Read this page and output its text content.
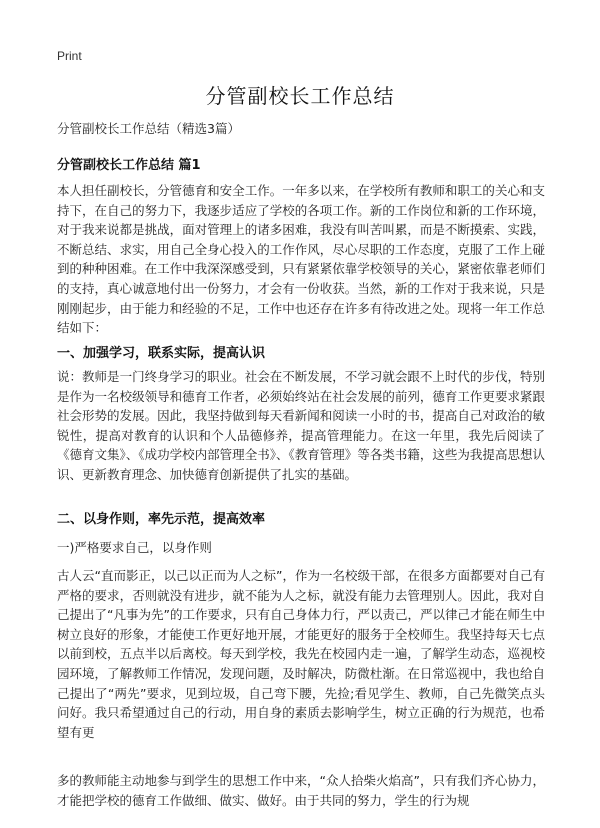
Print
分管副校长工作总结

分管副校长工作总结（精选3篇）

分管副校长工作总结 篇1

本人担任副校长，分管德育和安全工作。一年多以来，在学校所有教师和职工的关心和支持下，在自己的努力下，我逐步适应了学校的各项工作。新的工作岗位和新的工作环境，对于我来说都是挑战，面对管理上的诸多困难，我没有叫苦叫累，而是不断摸索、实践，不断总结、求实，用自己全身心投入的工作作风，尽心尽职的工作态度，克服了工作上碰到的种种困难。在工作中我深深感受到，只有紧紧依靠学校领导的关心，紧密依靠老师们的支持，真心诚意地付出一份努力，才会有一份收获。当然，新的工作对于我来说，只是刚刚起步，由于能力和经验的不足，工作中也还存在许多有待改进之处。现将一年工作总结如下：

一、加强学习，联系实际，提高认识

说：教师是一门终身学习的职业。社会在不断发展，不学习就会跟不上时代的步伐，特别是作为一名校级领导和德育工作者，必须始终站在社会发展的前列，德育工作更要求紧跟社会形势的发展。因此，我坚持做到每天看新闻和阅读一小时的书，提高自己对政治的敏锐性，提高对教育的认识和个人品德修养，提高管理能力。在这一年里，我先后阅读了《德育文集》、《成功学校内部管理全书》、《教育管理》等各类书籍，这些为我提高思想认识、更新教育理念、加快德育创新提供了扎实的基础。

二、以身作则，率先示范，提高效率

一)严格要求自己，以身作则

古人云“直而影正，以己以正而为人之标”，作为一名校级干部，在很多方面都要对自己有严格的要求，否则就没有进步，就不能为人之标，就没有能力去管理别人。因此，我对自己提出了“凡事为先”的工作要求，只有自己身体力行，严以责己，严以律己才能在师生中树立良好的形象，才能使工作更好地开展，才能更好的服务于全校师生。我坚持每天七点以前到校，五点半以后离校。每天到学校，我先在校园内走一遍，了解学生动态，巡视校园环境，了解教师工作情况，发现问题，及时解决，防微杜渐。在日常巡视中，我也给自己提出了“两先”要求，见到垃圾，自己弯下腰，先捡;看见学生、教师，自己先微笑点头问好。我只希望通过自己的行动，用自身的素质去影响学生，树立正确的行为规范，也希望有更

多的教师能主动地参与到学生的思想工作中来，“众人拾柴火焰高”，只有我们齐心协力，才能把学校的德育工作做细、做实、做好。由于共同的努力，学生的行为规
